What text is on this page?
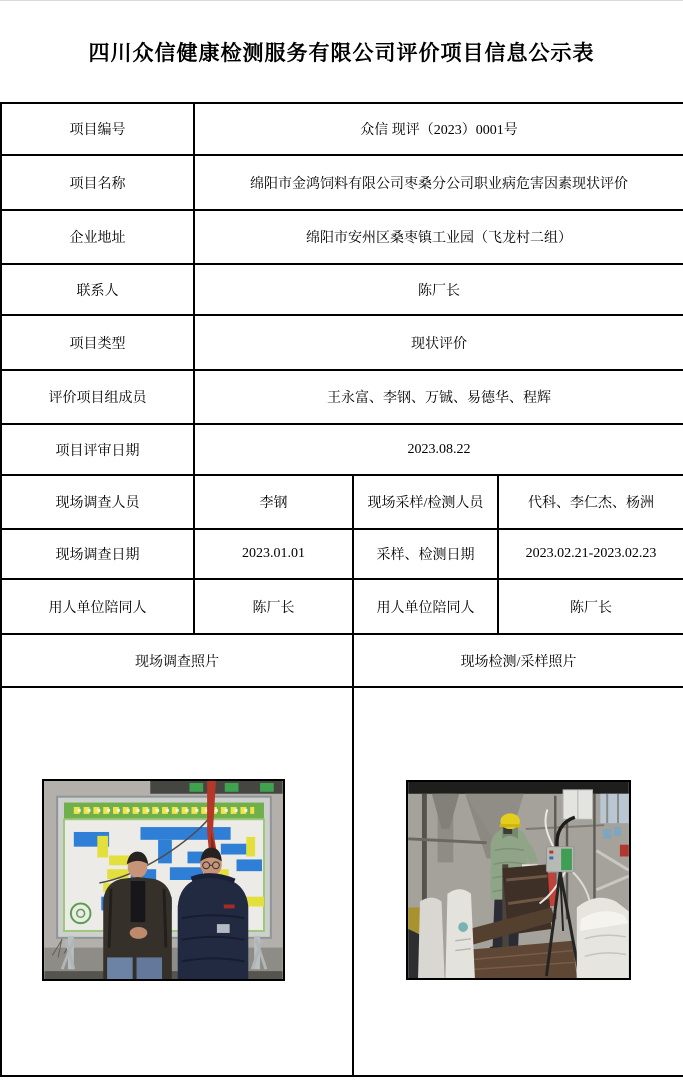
四川众信健康检测服务有限公司评价项目信息公示表
项目编号	众信 现评（2023）0001号		
项目名称	绵阳市金鸿饲料有限公司枣桑分公司职业病危害因素现状评价		
企业地址	绵阳市安州区桑枣镇工业园（飞龙村二组）		
联系人	陈厂长		
项目类型	现状评价		
评价项目组成员	王永富、李钢、万铖、易德华、程辉		
项目评审日期	2023.08.22		
现场调查人员	李钢	现场采样/检测人员	代科、李仁杰、杨洲
现场调查日期	2023.01.01	采样、检测日期	2023.02.21-2023.02.23
用人单位陪同人	陈厂长	用人单位陪同人	陈厂长
现场调查照片		现场检测/采样照片	
